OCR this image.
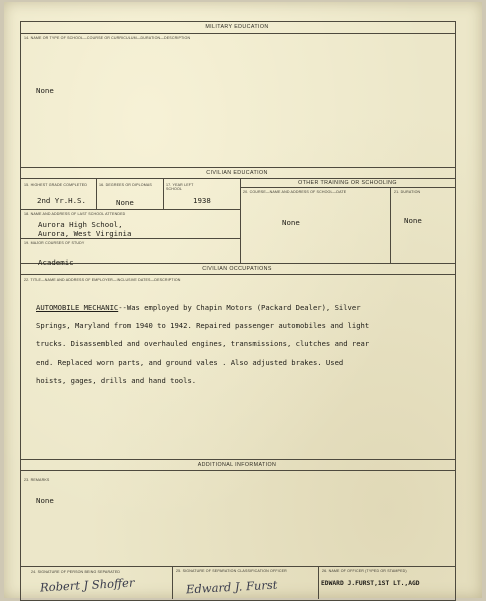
MILITARY EDUCATION
14. NAME OR TYPE OF SCHOOL—COURSE OR CURRICULUM—DURATION—DESCRIPTION
None
CIVILIAN EDUCATION
OTHER TRAINING OR SCHOOLING
15. HIGHEST GRADE COMPLETED
2nd Yr.H.S.
16. DEGREES OR DIPLOMAS
None
17. YEAR LEFT SCHOOL
1938
18. NAME AND ADDRESS OF LAST SCHOOL ATTENDED
Aurora High School,
Aurora, West Virginia
19. MAJOR COURSES OF STUDY
Academic
20. COURSE—NAME AND ADDRESS OF SCHOOL—DATE
None
21. DURATION
None
CIVILIAN OCCUPATIONS
22. TITLE—NAME AND ADDRESS OF EMPLOYER—INCLUSIVE DATES—DESCRIPTION
AUTOMOBILE MECHANIC--Was employed by Chapin Motors (Packard Dealer), Silver
Springs, Maryland from 1940 to 1942. Repaired passenger automobiles and light
trucks. Disassembled and overhauled engines, transmissions, clutches and rear
end. Replaced worn parts, and ground vales . Also adjusted brakes. Used
hoists, gages, drills and hand tools.
ADDITIONAL INFORMATION
23. REMARKS
None
24. SIGNATURE OF PERSON BEING SEPARATED
Robert J Shoffer
25. SIGNATURE OF SEPARATION CLASSIFICATION OFFICER
Edward J. Furst
26. NAME OF OFFICER (TYPED OR STAMPED)
EDWARD J.FURST,1ST LT.,AGD
